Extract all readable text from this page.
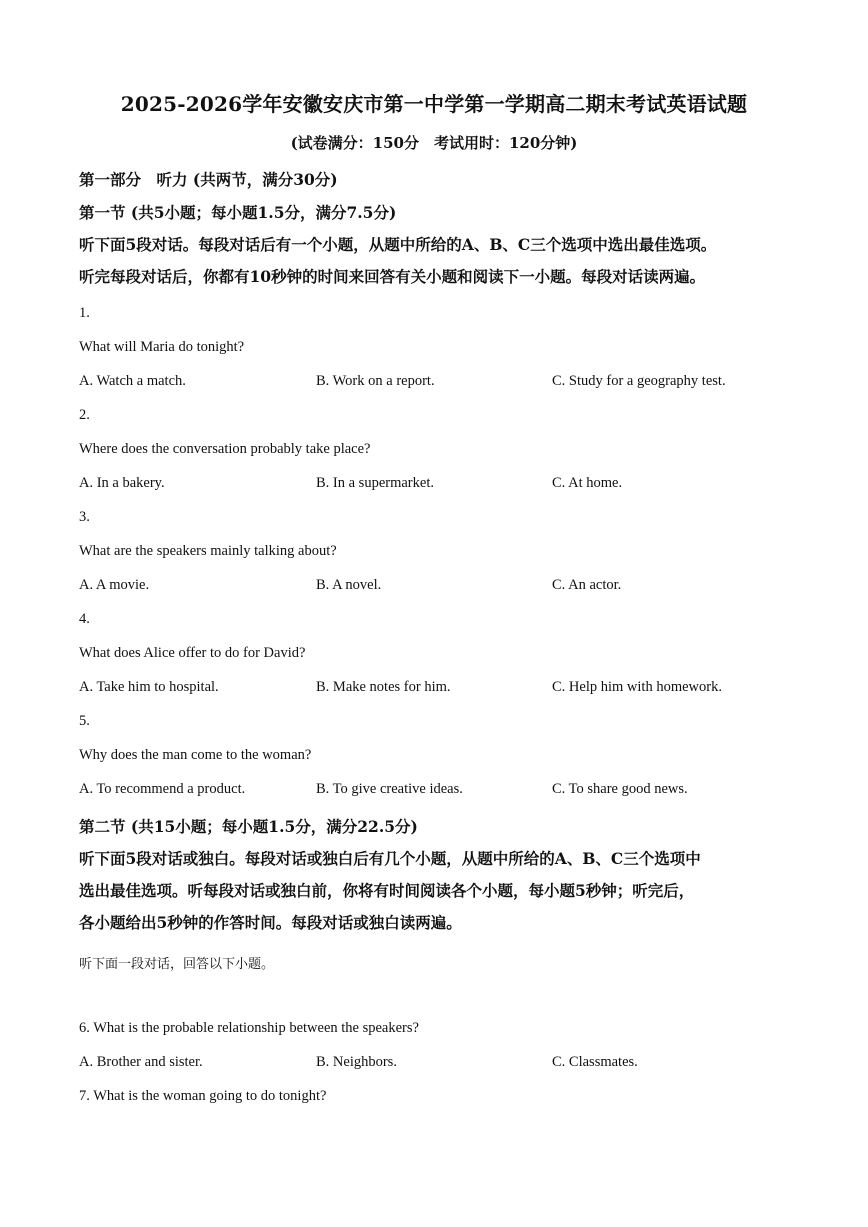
2025-2026学年安徽安庆市第一中学第一学期高二期末考试英语试题
(试卷满分：150分　考试用时：120分钟)
第一部分　听力 (共两节，满分30分)
第一节 (共5小题；每小题1.5分，满分7.5分)
听下面5段对话。每段对话后有一个小题，从题中所给的A、B、C三个选项中选出最佳选项。
听完每段对话后，你都有10秒钟的时间来回答有关小题和阅读下一小题。每段对话读两遍。
1.
What will Maria do tonight?
A. Watch a match.	B. Work on a report.	C. Study for a geography test.
2.
Where does the conversation probably take place?
A. In a bakery.	B. In a supermarket.	C. At home.
3.
What are the speakers mainly talking about?
A. A movie.	B. A novel.	C. An actor.
4.
What does Alice offer to do for David?
A. Take him to hospital.	B. Make notes for him.	C. Help him with homework.
5.
Why does the man come to the woman?
A. To recommend a product.	B. To give creative ideas.	C. To share good news.
第二节 (共15小题；每小题1.5分，满分22.5分)
听下面5段对话或独白。每段对话或独白后有几个小题，从题中所给的A、B、C三个选项中
选出最佳选项。听每段对话或独白前，你将有时间阅读各个小题，每小题5秒钟；听完后，
各小题给出5秒钟的作答时间。每段对话或独白读两遍。
听下面一段对话，回答以下小题。
6. What is the probable relationship between the speakers?
A. Brother and sister.	B. Neighbors.	C. Classmates.
7. What is the woman going to do tonight?
